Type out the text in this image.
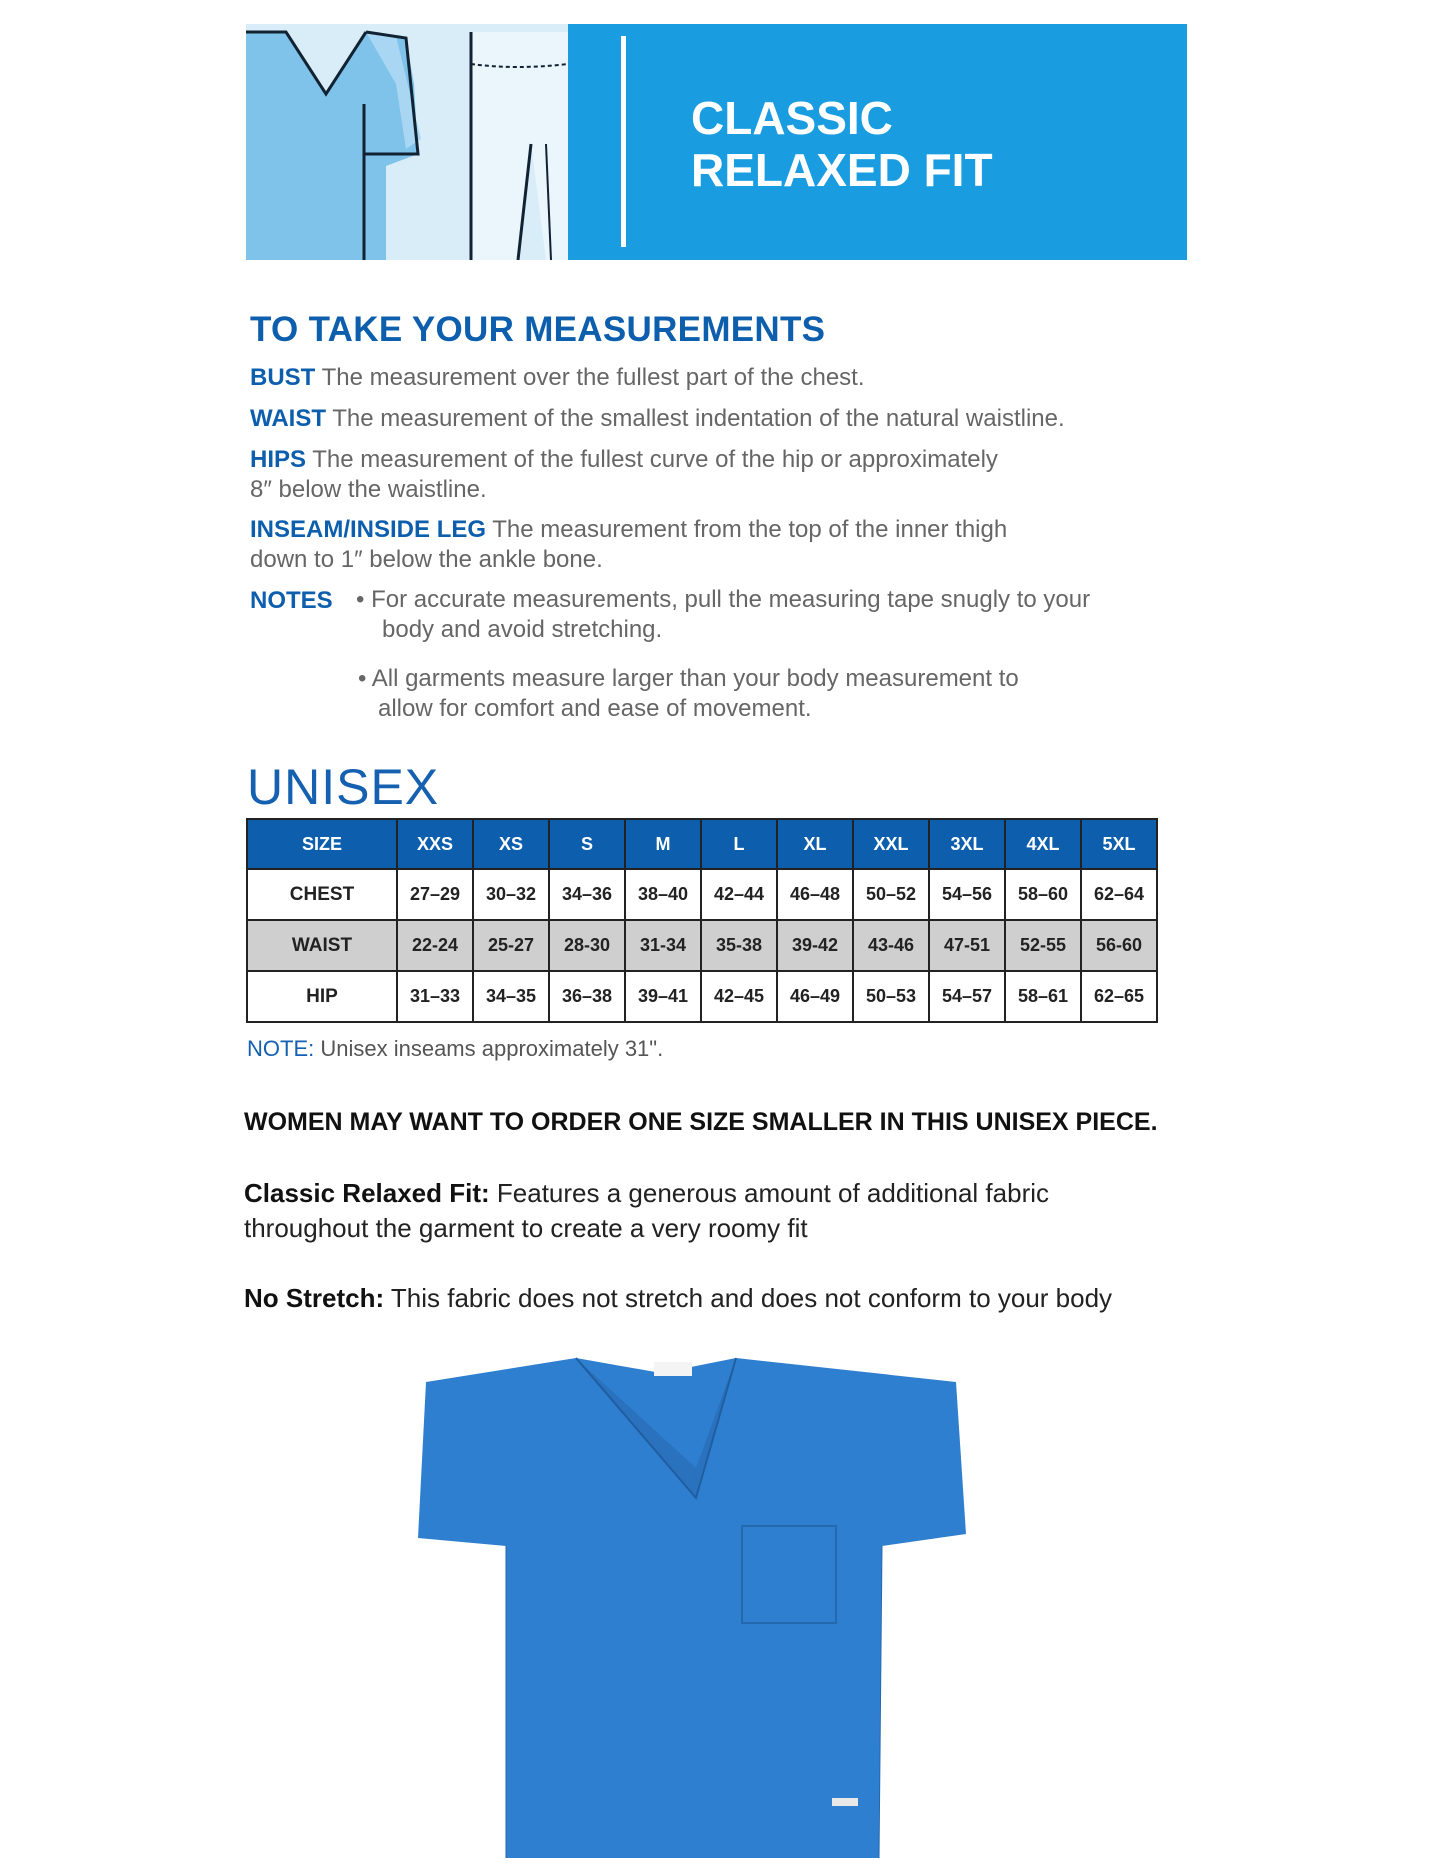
CLASSIC
RELAXED FIT
TO TAKE YOUR MEASUREMENTS

BUST The measurement over the fullest part of the chest.

WAIST The measurement of the smallest indentation of the natural waistline.

HIPS The measurement of the fullest curve of the hip or approximately
8″ below the waistline.

INSEAM/INSIDE LEG The measurement from the top of the inner thigh
down to 1″ below the ankle bone.

NOTES • For accurate measurements, pull the measuring tape snugly to your
body and avoid stretching.

• All garments measure larger than your body measurement to
allow for comfort and ease of movement.

UNISEX
SIZE	XXS	XS	S	M	L	XL	XXL	3XL	4XL	5XL
CHEST	27–29	30–32	34–36	38–40	42–44	46–48	50–52	54–56	58–60	62–64
WAIST	22-24	25-27	28-30	31-34	35-38	39-42	43-46	47-51	52-55	56-60
HIP	31–33	34–35	36–38	39–41	42–45	46–49	50–53	54–57	58–61	62–65

NOTE: Unisex inseams approximately 31".

WOMEN MAY WANT TO ORDER ONE SIZE SMALLER IN THIS UNISEX PIECE.

Classic Relaxed Fit: Features a generous amount of additional fabric
throughout the garment to create a very roomy fit

No Stretch: This fabric does not stretch and does not conform to your body
